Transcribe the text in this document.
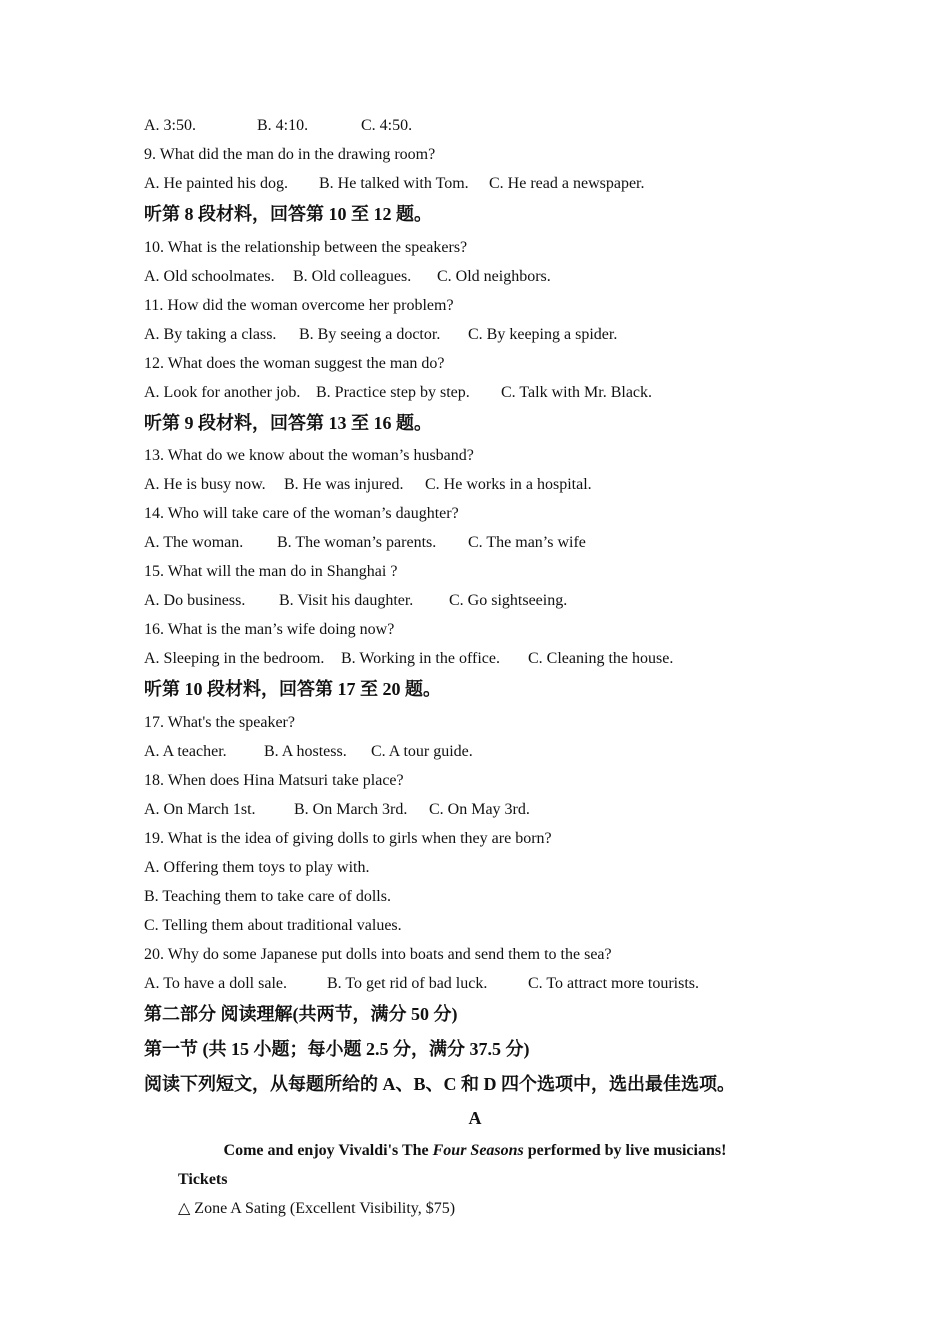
A. 3:50.	B. 4:10.	C. 4:50.
9. What did the man do in the drawing room?
A. He painted his dog. B. He talked with Tom. C. He read a newspaper.
听第 8 段材料，回答第 10 至 12 题。
10. What is the relationship between the speakers?
A. Old schoolmates. B. Old colleagues. C. Old neighbors.
11. How did the woman overcome her problem?
A. By taking a class. B. By seeing a doctor. C. By keeping a spider.
12. What does the woman suggest the man do?
A. Look for another job. B. Practice step by step. C. Talk with Mr. Black.
听第 9 段材料，回答第 13 至 16 题。
13. What do we know about the woman’s husband?
A. He is busy now. B. He was injured. C. He works in a hospital.
14. Who will take care of the woman’s daughter?
A. The woman. B. The woman’s parents. C. The man’s wife
15. What will the man do in Shanghai ?
A. Do business. B. Visit his daughter. C. Go sightseeing.
16. What is the man’s wife doing now?
A. Sleeping in the bedroom. B. Working in the office. C. Cleaning the house.
听第 10 段材料，回答第 17 至 20 题。
17. What's the speaker?
A. A teacher. B. A hostess. C. A tour guide.
18. When does Hina Matsuri take place?
A. On March 1st. B. On March 3rd. C. On May 3rd.
19. What is the idea of giving dolls to girls when they are born?
A. Offering them toys to play with.
B. Teaching them to take care of dolls.
C. Telling them about traditional values.
20. Why do some Japanese put dolls into boats and send them to the sea?
A. To have a doll sale.	B. To get rid of bad luck.	C. To attract more tourists.
第二部分 阅读理解(共两节，满分 50 分)
第一节 (共 15 小题；每小题 2.5 分，满分 37.5 分)
阅读下列短文，从每题所给的 A、B、C 和 D 四个选项中，选出最佳选项。
A
Come and enjoy Vivaldi's The Four Seasons performed by live musicians!
Tickets
△ Zone A Sating (Excellent Visibility, $75)
